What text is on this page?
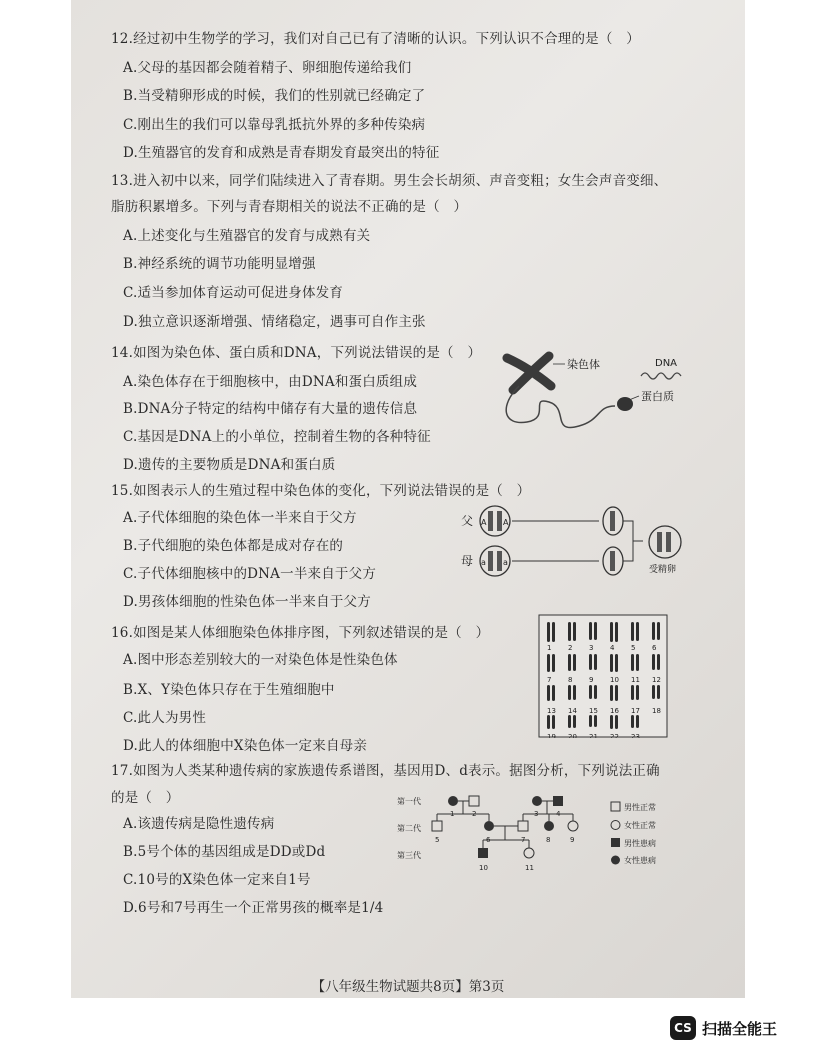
12.经过初中生物学的学习，我们对自己已有了清晰的认识。下列认识不合理的是（　）
A.父母的基因都会随着精子、卵细胞传递给我们
B.当受精卵形成的时候，我们的性别就已经确定了
C.刚出生的我们可以靠母乳抵抗外界的多种传染病
D.生殖器官的发育和成熟是青春期发育最突出的特征
13.进入初中以来，同学们陆续进入了青春期。男生会长胡须、声音变粗；女生会声音变细、
脂肪积累增多。下列与青春期相关的说法不正确的是（　）
A.上述变化与生殖器官的发育与成熟有关
B.神经系统的调节功能明显增强
C.适当参加体育运动可促进身体发育
D.独立意识逐渐增强、情绪稳定，遇事可自作主张
14.如图为染色体、蛋白质和DNA，下列说法错误的是（　）
A.染色体存在于细胞核中，由DNA和蛋白质组成
B.DNA分子特定的结构中储存有大量的遗传信息
C.基因是DNA上的小单位，控制着生物的各种特征
D.遗传的主要物质是DNA和蛋白质
染色体	DNA
蛋白质
15.如图表示人的生殖过程中染色体的变化，下列说法错误的是（　）
A.子代体细胞的染色体一半来自于父方
B.子代细胞的染色体都是成对存在的
C.子代体细胞核中的DNA一半来自于父方
D.男孩体细胞的性染色体一半来自于父方
父
母
A A
a a
受精卵
16.如图是某人体细胞染色体排序图，下列叙述错误的是（　）
A.图中形态差别较大的一对染色体是性染色体
B.X、Y染色体只存在于生殖细胞中
C.此人为男性
D.此人的体细胞中X染色体一定来自母亲
1 2 3 4 5 6
7 8 9 10 11 12
13 14 15 16 17 18
19 20 21 22 23
17.如图为人类某种遗传病的家族遗传系谱图，基因用D、d表示。据图分析，下列说法正确
的是（　）
A.该遗传病是隐性遗传病
B.5号个体的基因组成是DD或Dd
C.10号的X染色体一定来自1号
D.6号和7号再生一个正常男孩的概率是1/4
第一代
第二代
第三代
1	2	3	4
5	6	7	8	9
10	11
男性正常
女性正常
男性患病
女性患病
【八年级生物试题共8页】第3页
CS 扫描全能王
